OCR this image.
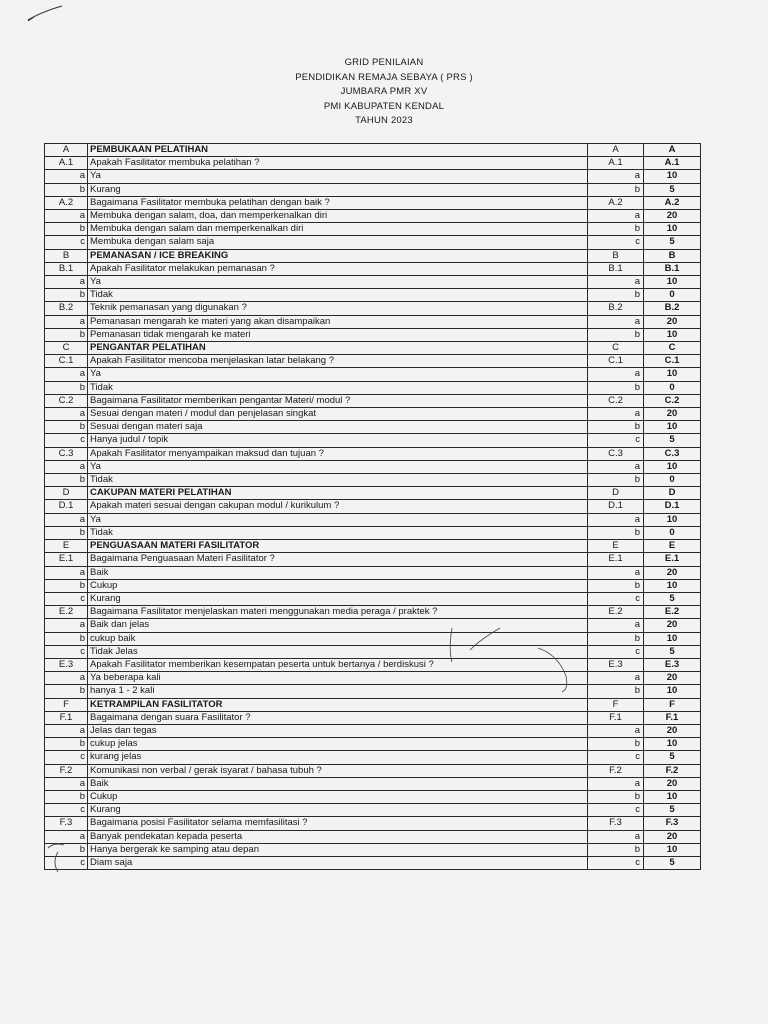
GRID PENILAIAN
PENDIDIKAN REMAJA SEBAYA ( PRS )
JUMBARA PMR XV
PMI KABUPATEN KENDAL
TAHUN 2023
A	PEMBUKAAN PELATIHAN	A	A
A.1	Apakah Fasilitator membuka pelatihan ?	A.1	A.1
a	Ya	a	10
b	Kurang	b	5
A.2	Bagaimana Fasilitator membuka pelatihan dengan baik ?	A.2	A.2
a	Membuka dengan salam, doa, dan memperkenalkan diri	a	20
b	Membuka dengan salam dan memperkenalkan diri	b	10
c	Membuka dengan salam saja	c	5
B	PEMANASAN / ICE BREAKING	B	B
B.1	Apakah Fasilitator melakukan pemanasan ?	B.1	B.1
a	Ya	a	10
b	Tidak	b	0
B.2	Teknik pemanasan yang digunakan ?	B.2	B.2
a	Pemanasan mengarah ke materi yang akan disampaikan	a	20
b	Pemanasan tidak mengarah ke materi	b	10
C	PENGANTAR PELATIHAN	C	C
C.1	Apakah Fasilitator mencoba menjelaskan latar belakang ?	C.1	C.1
a	Ya	a	10
b	Tidak	b	0
C.2	Bagaimana Fasilitator memberikan pengantar Materi/ modul ?	C.2	C.2
a	Sesuai dengan materi / modul dan penjelasan singkat	a	20
b	Sesuai dengan materi saja	b	10
c	Hanya judul / topik	c	5
C.3	Apakah Fasilitator menyampaikan maksud dan tujuan ?	C.3	C.3
a	Ya	a	10
b	Tidak	b	0
D	CAKUPAN MATERI PELATIHAN	D	D
D.1	Apakah materi sesuai dengan cakupan modul / kurikulum ?	D.1	D.1
a	Ya	a	10
b	Tidak	b	0
E	PENGUASAAN MATERI FASILITATOR	E	E
E.1	Bagaimana Penguasaan Materi Fasilitator ?	E.1	E.1
a	Baik	a	20
b	Cukup	b	10
c	Kurang	c	5
E.2	Bagaimana Fasilitator menjelaskan materi menggunakan media peraga / praktek ?	E.2	E.2
a	Baik dan jelas	a	20
b	cukup baik	b	10
c	Tidak Jelas	c	5
E.3	Apakah Fasilitator memberikan kesempatan peserta untuk bertanya / berdiskusi ?	E.3	E.3
a	Ya beberapa kali	a	20
b	hanya 1 - 2 kali	b	10
F	KETRAMPILAN FASILITATOR	F	F
F.1	Bagaimana dengan suara Fasilitator ?	F.1	F.1
a	Jelas dan tegas	a	20
b	cukup jelas	b	10
c	kurang jelas	c	5
F.2	Komunikasi non verbal / gerak isyarat / bahasa tubuh ?	F.2	F.2
a	Baik	a	20
b	Cukup	b	10
c	Kurang	c	5
F.3	Bagaimana posisi Fasilitator selama memfasilitasi ?	F.3	F.3
a	Banyak pendekatan kepada peserta	a	20
b	Hanya bergerak ke samping atau depan	b	10
c	Diam saja	c	5
